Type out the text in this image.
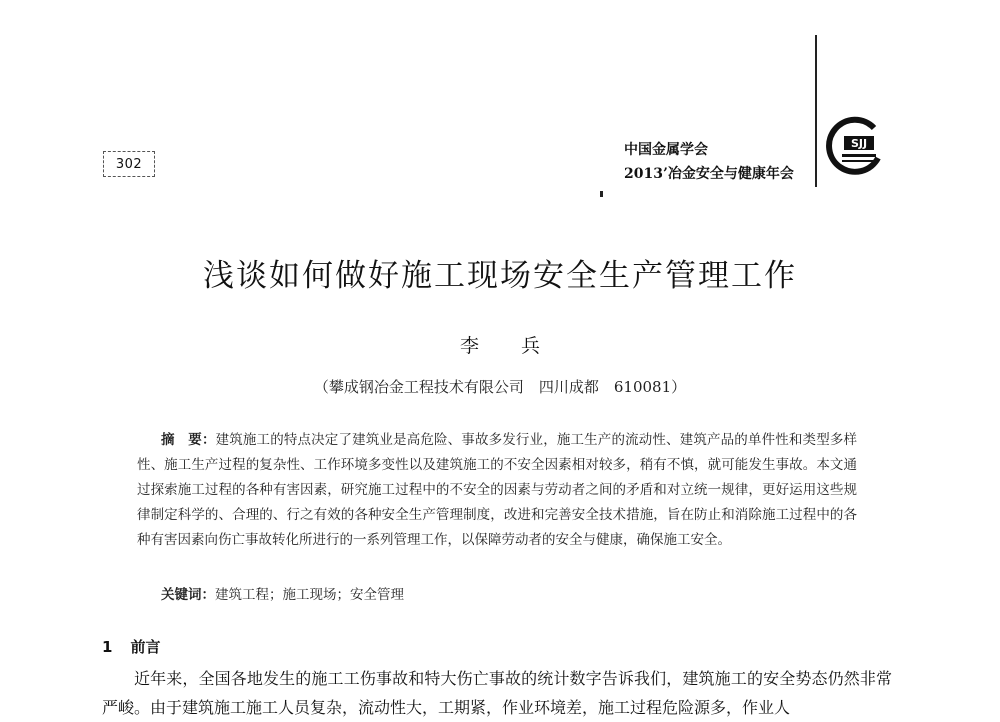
302
中国金属学会
2013’冶金安全与健康年会
SJJ
浅谈如何做好施工现场安全生产管理工作
李 兵
（攀成钢冶金工程技术有限公司　四川成都　610081）
摘　要：建筑施工的特点决定了建筑业是高危险、事故多发行业，施工生产的流动性、建筑产品的单件性和类型多样性、施工生产过程的复杂性、工作环境多变性以及建筑施工的不安全因素相对较多，稍有不慎，就可能发生事故。本文通过探索施工过程的各种有害因素，研究施工过程中的不安全的因素与劳动者之间的矛盾和对立统一规律，更好运用这些规律制定科学的、合理的、行之有效的各种安全生产管理制度，改进和完善安全技术措施，旨在防止和消除施工过程中的各种有害因素向伤亡事故转化所进行的一系列管理工作，以保障劳动者的安全与健康，确保施工安全。
关键词：建筑工程；施工现场；安全管理
1 前言
近年来，全国各地发生的施工工伤事故和特大伤亡事故的统计数字告诉我们，建筑施工的安全势态仍然非常严峻。由于建筑施工施工人员复杂，流动性大，工期紧，作业环境差，施工过程危险源多，作业人
